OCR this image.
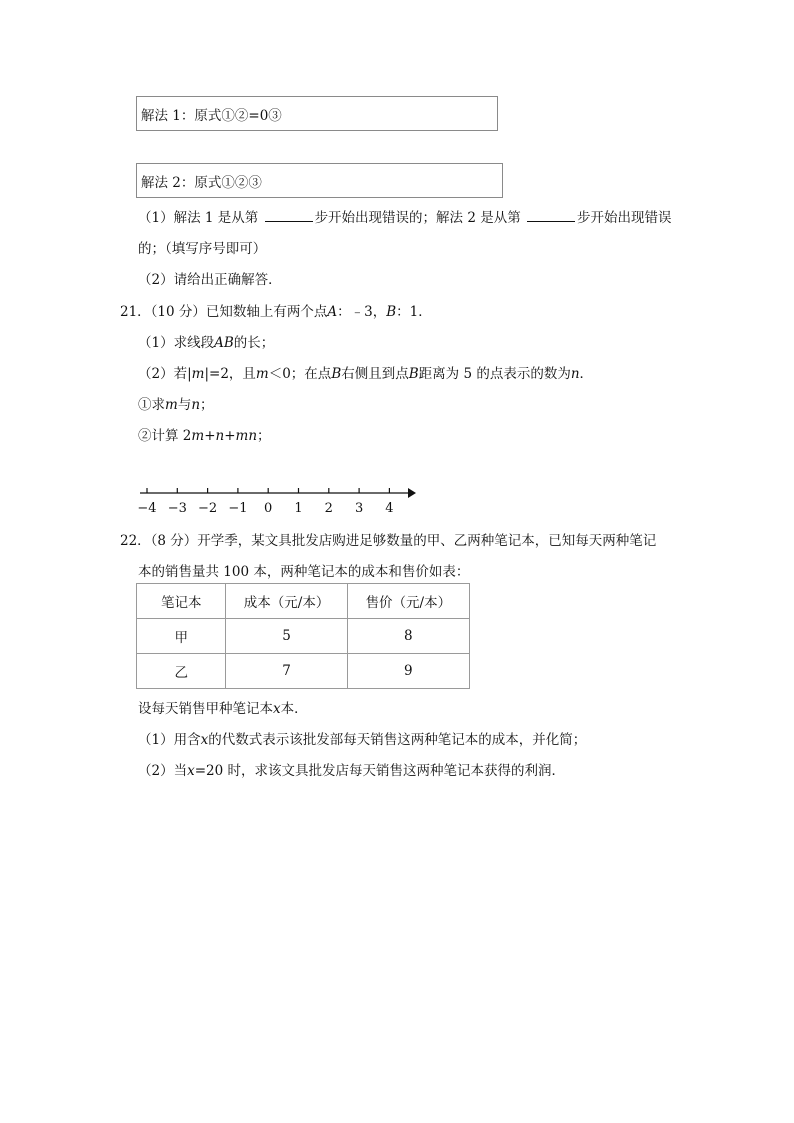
解法 1：原式①②=0③
解法 2：原式①②③
（1）解法 1 是从第	步开始出现错误的；解法 2 是从第	步开始出现错误
的；（填写序号即可）
（2）请给出正确解答．
21．（10 分）已知数轴上有两个点A：﹣3，B：1．
（1）求线段AB的长；
（2）若|m|=2，且m＜0；在点B右侧且到点B距离为 5 的点表示的数为n．
①求m与n；
②计算 2m+n+mn；
−4 −3 −2 −1 0 1 2 3 4
22．（8 分）开学季，某文具批发店购进足够数量的甲、乙两种笔记本，已知每天两种笔记
本的销售量共 100 本，两种笔记本的成本和售价如表：
笔记本	成本（元/本）	售价（元/本）
甲	5	8
乙	7	9
设每天销售甲种笔记本x本．
（1）用含x的代数式表示该批发部每天销售这两种笔记本的成本，并化简；
（2）当x=20 时，求该文具批发店每天销售这两种笔记本获得的利润．
